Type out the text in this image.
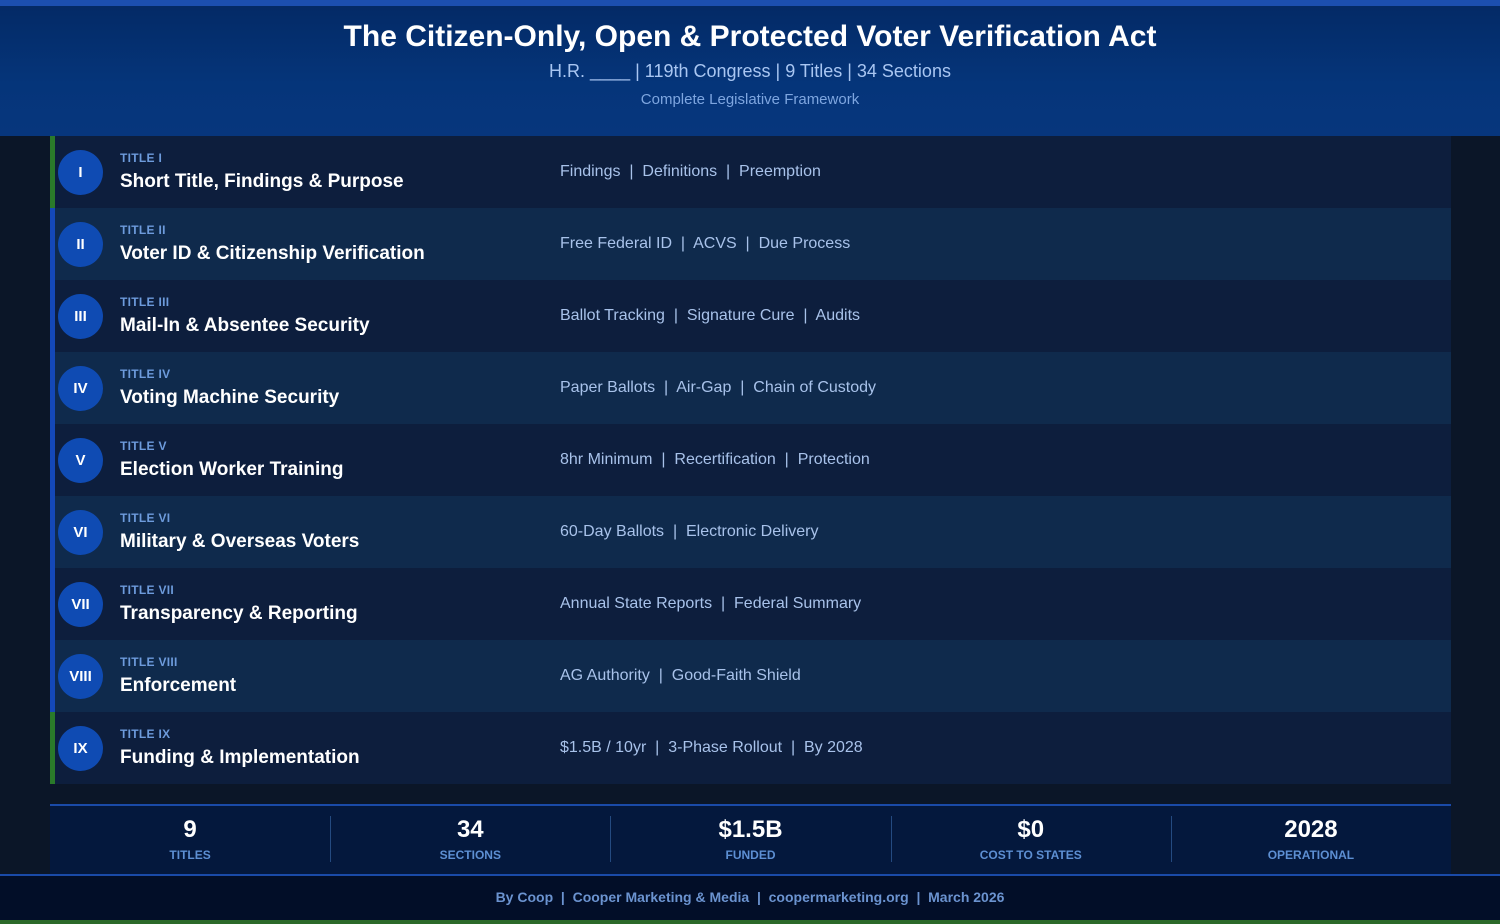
The Citizen-Only, Open & Protected Voter Verification Act
H.R. ____ | 119th Congress | 9 Titles | 34 Sections
Complete Legislative Framework
I
TITLE I
Short Title, Findings & Purpose	Findings  |  Definitions  |  Preemption
II
TITLE II
Voter ID & Citizenship Verification	Free Federal ID  |  ACVS  |  Due Process
III
TITLE III
Mail-In & Absentee Security	Ballot Tracking  |  Signature Cure  |  Audits
IV
TITLE IV
Voting Machine Security	Paper Ballots  |  Air-Gap  |  Chain of Custody
V
TITLE V
Election Worker Training	8hr Minimum  |  Recertification  |  Protection
VI
TITLE VI
Military & Overseas Voters	60-Day Ballots  |  Electronic Delivery
VII
TITLE VII
Transparency & Reporting	Annual State Reports  |  Federal Summary
VIII
TITLE VIII
Enforcement	AG Authority  |  Good-Faith Shield
IX
TITLE IX
Funding & Implementation	$1.5B / 10yr  |  3-Phase Rollout  |  By 2028
9
TITLES
34
SECTIONS
$1.5B
FUNDED
$0
COST TO STATES
2028
OPERATIONAL
By Coop  |  Cooper Marketing & Media  |  coopermarketing.org  |  March 2026
